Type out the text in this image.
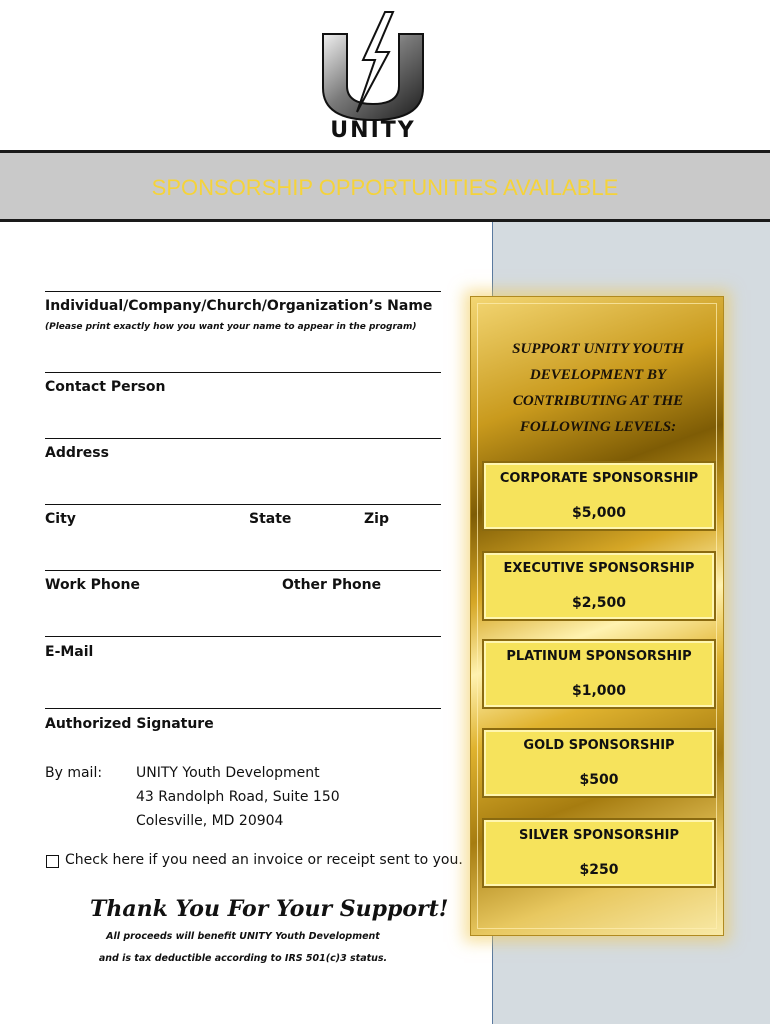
UNITY
SPONSORSHIP OPPORTUNITIES AVAILABLE
Individual/Company/Church/Organization’s Name
(Please print exactly how you want your name to appear in the program)
Contact Person
Address
City	State	Zip
Work Phone	Other Phone
E-Mail
Authorized Signature
By mail: UNITY Youth Development
43 Randolph Road, Suite 150
Colesville, MD 20904
Check here if you need an invoice or receipt sent to you.
Thank You For Your Support!
All proceeds will benefit UNITY Youth Development
and is tax deductible according to IRS 501(c)3 status.
SUPPORT UNITY YOUTH
DEVELOPMENT BY
CONTRIBUTING AT THE
FOLLOWING LEVELS:
CORPORATE SPONSORSHIP
$5,000
EXECUTIVE SPONSORSHIP
$2,500
PLATINUM SPONSORSHIP
$1,000
GOLD SPONSORSHIP
$500
SILVER SPONSORSHIP
$250
